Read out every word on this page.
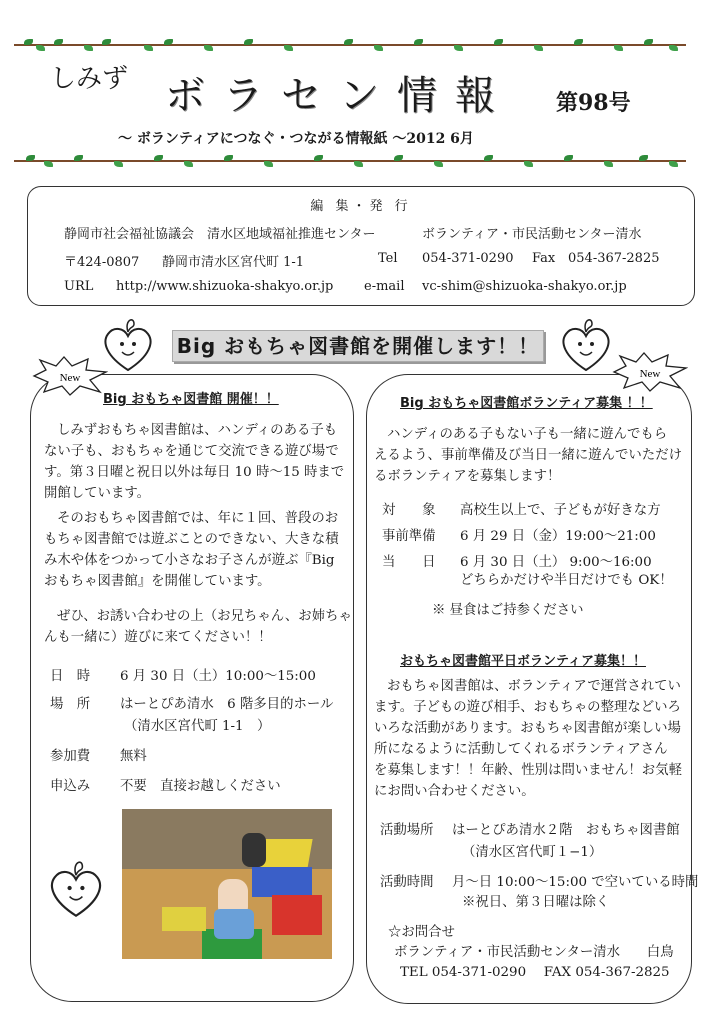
しみず ボラセン情報 第98号
〜 ボランティアにつなぐ・つながる情報紙 〜2012 6月
編 集・発 行
静岡市社会福祉協議会　清水区地域福祉推進センター	ボランティア・市民活動センター清水
〒424-0807 静岡市清水区宮代町 1-1	Tel 054-371-0290 Fax 054-367-2825
URL http://www.shizuoka-shakyo.or.jp e-mail vc-shim@shizuoka-shakyo.or.jp
Big おもちゃ図書館を開催します！！
New
Big おもちゃ図書館 開催！！
しみずおもちゃ図書館は、ハンディのある子も
ない子も、おもちゃを通じて交流できる遊び場で
す。第３日曜と祝日以外は毎日 10 時〜15 時まで
開館しています。
そのおもちゃ図書館では、年に１回、普段のお
もちゃ図書館では遊ぶことのできない、大きな積
み木や体をつかって小さなお子さんが遊ぶ『Big
おもちゃ図書館』を開催しています。
ぜひ、お誘い合わせの上（お兄ちゃん、お姉ちゃ
んも一緒に）遊びに来てください！！
日　時 6 月 30 日（土）10:00〜15:00
場　所 はーとぴあ清水　6 階多目的ホール
（清水区宮代町 1-1　）
参加費 無料
申込み 不要　直接お越しください
New
Big おもちゃ図書館ボランティア募集 ！！
ハンディのある子もない子も一緒に遊んでもら
えるよう、事前準備及び当日一緒に遊んでいただけ
るボランティアを募集します！
対　　象 高校生以上で、子どもが好きな方
事前準備 6 月 29 日（金）19:00〜21:00
当　　日 6 月 30 日（土） 9:00〜16:00
どちらかだけや半日だけでも OK！
※ 昼食はご持参ください
おもちゃ図書館平日ボランティア募集！！
おもちゃ図書館は、ボランティアで運営されてい
ます。子どもの遊び相手、おもちゃの整理などいろ
いろな活動があります。おもちゃ図書館が楽しい場
所になるように活動してくれるボランティアさん
を募集します！！年齢、性別は問いません！お気軽
にお問い合わせください。
活動場所 はーとぴあ清水２階　おもちゃ図書館
（清水区宮代町１−1）
活動時間 月〜日 10:00〜15:00 で空いている時間
※祝日、第３日曜は除く
☆お問合せ
ボランティア・市民活動センター清水　　白鳥
TEL 054-371-0290　 FAX 054-367-2825
